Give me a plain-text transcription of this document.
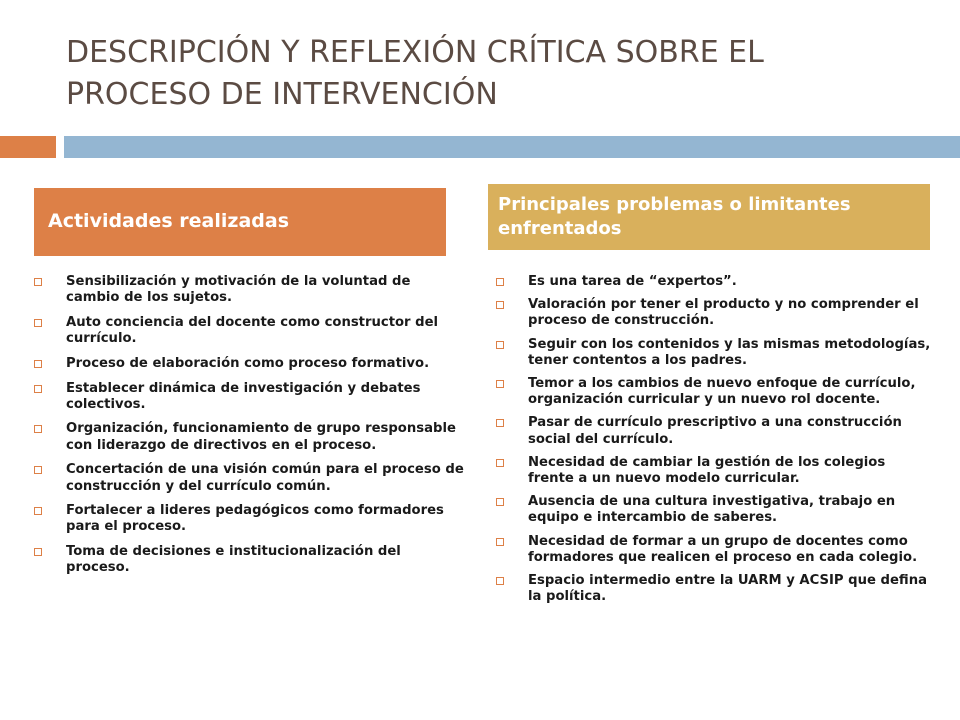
DESCRIPCIÓN Y REFLEXIÓN CRÍTICA SOBRE EL
PROCESO DE INTERVENCIÓN
Actividades realizadas
Principales problemas o limitantes enfrentados
Sensibilización y motivación de la voluntad de cambio de los sujetos.
Auto conciencia del docente como constructor del currículo.
Proceso de elaboración como proceso formativo.
Establecer dinámica de investigación y debates colectivos.
Organización, funcionamiento de grupo responsable con liderazgo de directivos en el proceso.
Concertación de una visión común para el proceso de construcción y del currículo común.
Fortalecer a lideres pedagógicos como formadores para el proceso.
Toma de decisiones e institucionalización del proceso.
Es una tarea de “expertos”.
Valoración por tener el producto y no comprender el proceso de construcción.
Seguir con los contenidos y las mismas metodologías, tener contentos a los padres.
Temor a los cambios de nuevo enfoque de currículo, organización curricular y un nuevo rol docente.
Pasar de currículo prescriptivo a una construcción social del currículo.
Necesidad de cambiar la gestión de los colegios frente a un nuevo modelo curricular.
Ausencia de una cultura investigativa, trabajo en equipo e intercambio de saberes.
Necesidad de formar a un grupo de docentes como formadores que realicen el proceso en cada colegio.
Espacio intermedio entre la UARM y ACSIP que defina la política.
